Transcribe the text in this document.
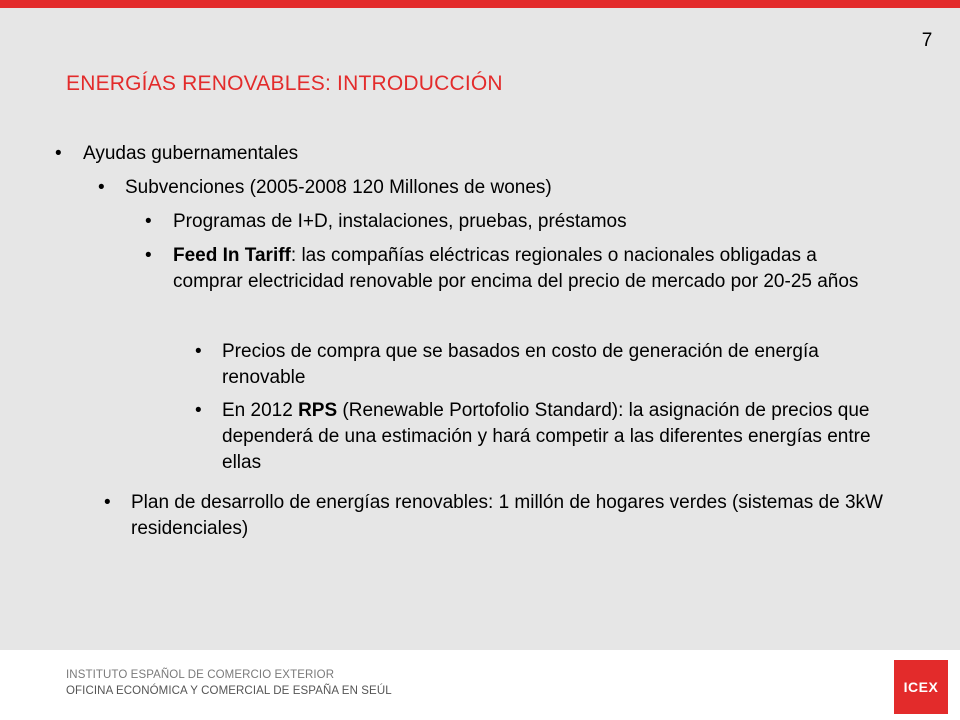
7
ENERGÍAS RENOVABLES: INTRODUCCIÓN
• Ayudas gubernamentales
• Subvenciones (2005-2008 120 Millones de wones)
• Programas de I+D, instalaciones, pruebas, préstamos
• Feed In Tariff: las compañías eléctricas regionales o nacionales obligadas a comprar electricidad renovable por encima del precio de mercado por 20-25 años
• Precios de compra que se basados en costo de generación de energía renovable
• En 2012 RPS (Renewable Portofolio Standard): la asignación de precios que dependerá de una estimación y hará competir a las diferentes energías entre ellas
• Plan de desarrollo de energías renovables: 1 millón de hogares verdes (sistemas de 3kW residenciales)
INSTITUTO ESPAÑOL DE COMERCIO EXTERIOR
OFICINA ECONÓMICA Y COMERCIAL DE ESPAÑA EN SEÚL	ICEX
